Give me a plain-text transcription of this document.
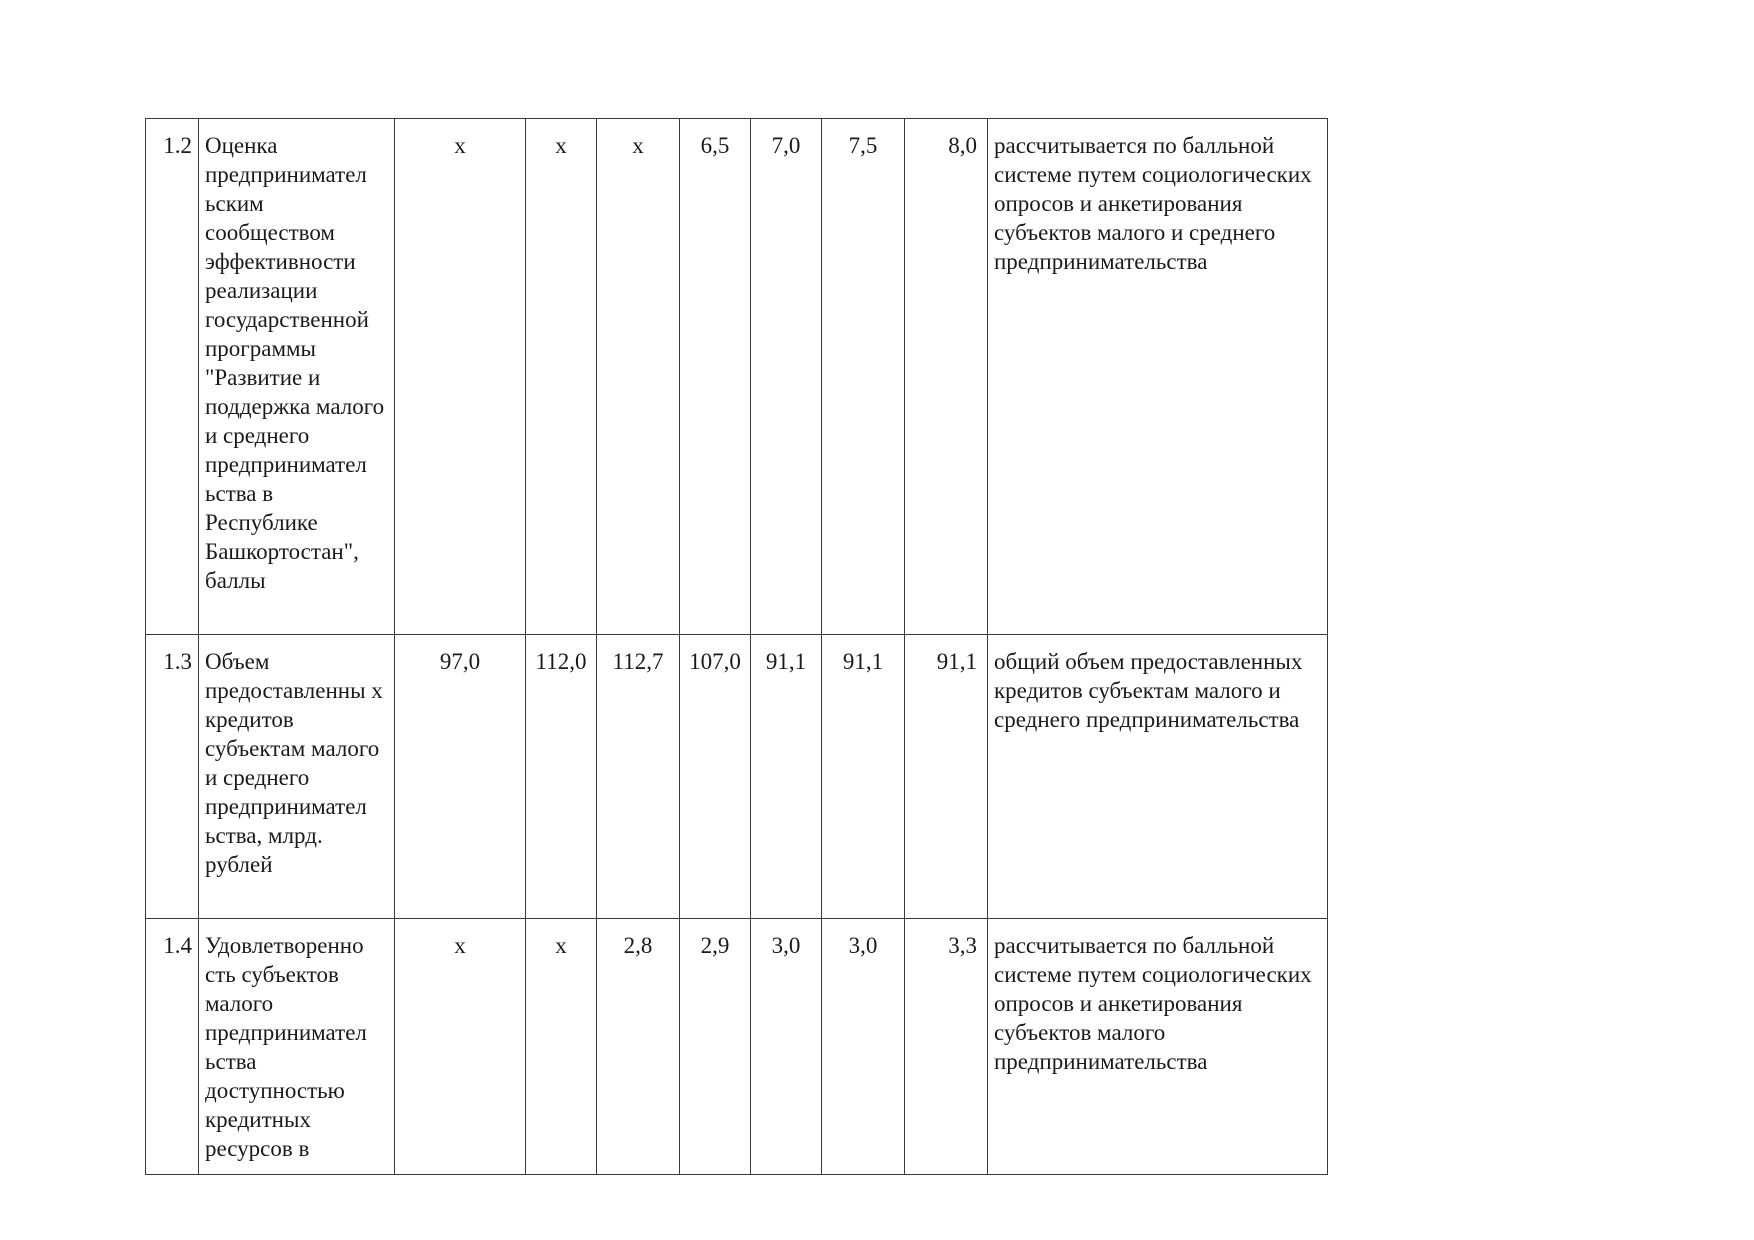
1.2	Оценка предпринимател ьским сообществом эффективности реализации государственной программы "Развитие и поддержка малого и среднего предпринимател ьства в Республике Башкортостан", баллы	x	x	x	6,5	7,0	7,5	8,0	рассчитывается по балльной системе путем социологических опросов и анкетирования субъектов малого и среднего предпринимательства
1.3	Объем предоставленны х кредитов субъектам малого и среднего предпринимател ьства, млрд. рублей	97,0	112,0	112,7	107,0	91,1	91,1	91,1	общий объем предоставленных кредитов субъектам малого и среднего предпринимательства
1.4	Удовлетворенно сть субъектов малого предпринимател ьства доступностью кредитных ресурсов в	x	x	2,8	2,9	3,0	3,0	3,3	рассчитывается по балльной системе путем социологических опросов и анкетирования субъектов малого предпринимательства
